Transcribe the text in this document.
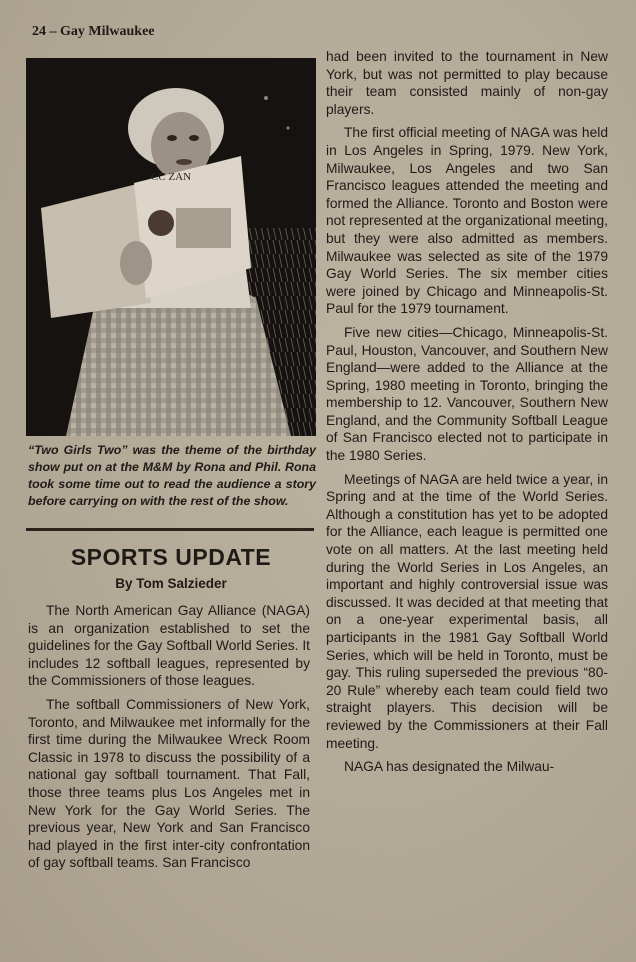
24 – Gay Milwaukee
CC ZAN
“Two Girls Two” was the theme of the birthday show put on at the M&M by Rona and Phil. Rona took some time out to read the audience a story before carrying on with the rest of the show.
SPORTS UPDATE
By Tom Salzieder

The North American Gay Alliance (NAGA) is an organization established to set the guidelines for the Gay Softball World Series. It includes 12 softball leagues, represented by the Commissioners of those leagues.

The softball Commissioners of New York, Toronto, and Milwaukee met informally for the first time during the Milwaukee Wreck Room Classic in 1978 to discuss the possibility of a national gay softball tournament. That Fall, those three teams plus Los Angeles met in New York for the Gay World Series. The previous year, New York and San Francisco had played in the first inter-city confrontation of gay softball teams. San Francisco

had been invited to the tournament in New York, but was not permitted to play because their team consisted mainly of non-gay players.

The first official meeting of NAGA was held in Los Angeles in Spring, 1979. New York, Milwaukee, Los Angeles and two San Francisco leagues attended the meeting and formed the Alliance. Toronto and Boston were not represented at the organizational meeting, but they were also admitted as members. Milwaukee was selected as site of the 1979 Gay World Series. The six member cities were joined by Chicago and Minneapolis-St. Paul for the 1979 tournament.

Five new cities—Chicago, Minneapolis-St. Paul, Houston, Vancouver, and Southern New England—were added to the Alliance at the Spring, 1980 meeting in Toronto, bringing the membership to 12. Vancouver, Southern New England, and the Community Softball League of San Francisco elected not to participate in the 1980 Series.

Meetings of NAGA are held twice a year, in Spring and at the time of the World Series. Although a constitution has yet to be adopted for the Alliance, each league is permitted one vote on all matters. At the last meeting held during the World Series in Los Angeles, an important and highly controversial issue was discussed. It was decided at that meeting that on a one-year experimental basis, all participants in the 1981 Gay Softball World Series, which will be held in Toronto, must be gay. This ruling superseded the previous “80-20 Rule” whereby each team could field two straight players. This decision will be reviewed by the Commissioners at their Fall meeting.

NAGA has designated the Milwau-
